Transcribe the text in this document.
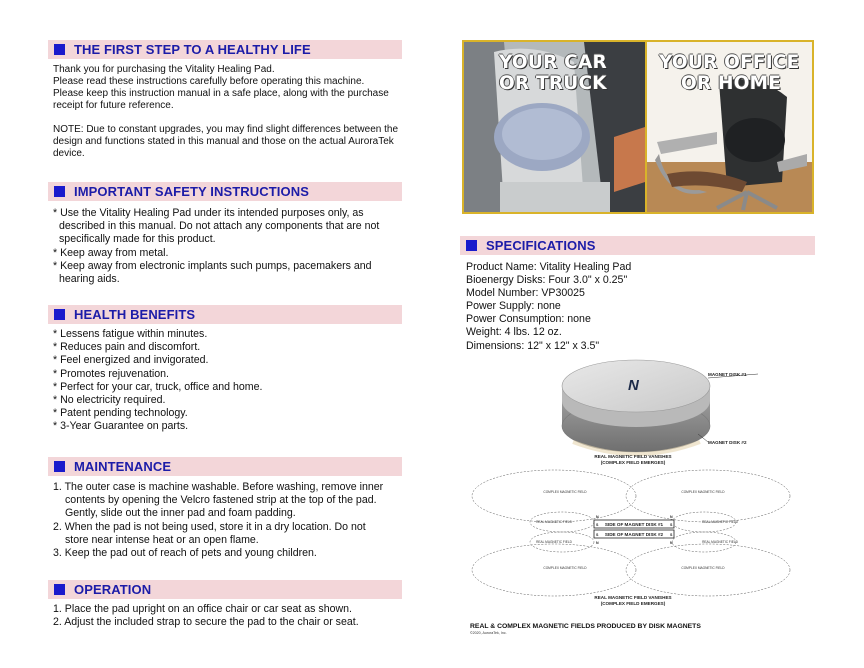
THE FIRST STEP TO A HEALTHY LIFE

Thank you for purchasing the Vitality Healing Pad.

Please read these instructions carefully before operating this machine.

Please keep this instruction manual in a safe place, along with the purchase

receipt for future reference.

NOTE: Due to constant upgrades, you may find slight differences between the

design and functions stated in this manual and those on the actual AuroraTek

device.

IMPORTANT SAFETY INSTRUCTIONS

* Use the Vitality Healing Pad under its intended purposes only, as

described in this manual. Do not attach any components that are not

specifically made for this product.

* Keep away from metal.

* Keep away from electronic implants such pumps, pacemakers and

hearing aids.

HEALTH BENEFITS

* Lessens fatigue within minutes.

* Reduces pain and discomfort.

* Feel energized and invigorated.

* Promotes rejuvenation.

* Perfect for your car, truck, office and home.

* No electricity required.

* Patent pending technology.

* 3-Year Guarantee on parts.

MAINTENANCE

1. The outer case is machine washable. Before washing, remove inner

contents by opening the Velcro fastened strip at the top of the pad.

Gently, slide out the inner pad and foam padding.

2. When the pad is not being used, store it in a dry location. Do not

store near intense heat or an open flame.

3. Keep the pad out of reach of pets and young children.

OPERATION

1. Place the pad upright on an office chair or car seat as shown.

2. Adjust the included strap to secure the pad to the chair or seat.

YOUR CAR
OR TRUCK
YOUR OFFICE
OR HOME
SPECIFICATIONS

Product Name: Vitality Healing Pad

Bioenergy Disks: Four 3.0" x 0.25"

Model Number: VP30025

Power Supply: none

Power Consumption: none

Weight: 4 lbs. 12 oz.

Dimensions: 12" x 12" x 3.5"

N
MAGNET DISK #1
MAGNET DISK #2
REAL MAGNETIC FIELD VANISHES
(COMPLEX FIELD EMERGES)
COMPLEX MAGNETIC FIELD	COMPLEX MAGNETIC FIELD
REAL MAGNETIC FIELD	REAL MAGNETIC FIELD
REAL MAGNETIC FIELD	REAL MAGNETIC FIELD
COMPLEX MAGNETIC FIELD	COMPLEX MAGNETIC FIELD
SIDE OF MAGNET DISK #1
SIDE OF MAGNET DISK #2
N
S
S
N
N
S
S
N
REAL MAGNETIC FIELD VANISHES
(COMPLEX FIELD EMERGES)
REAL & COMPLEX MAGNETIC FIELDS PRODUCED BY DISK MAGNETS
©2020, AuroraTek, Inc.
